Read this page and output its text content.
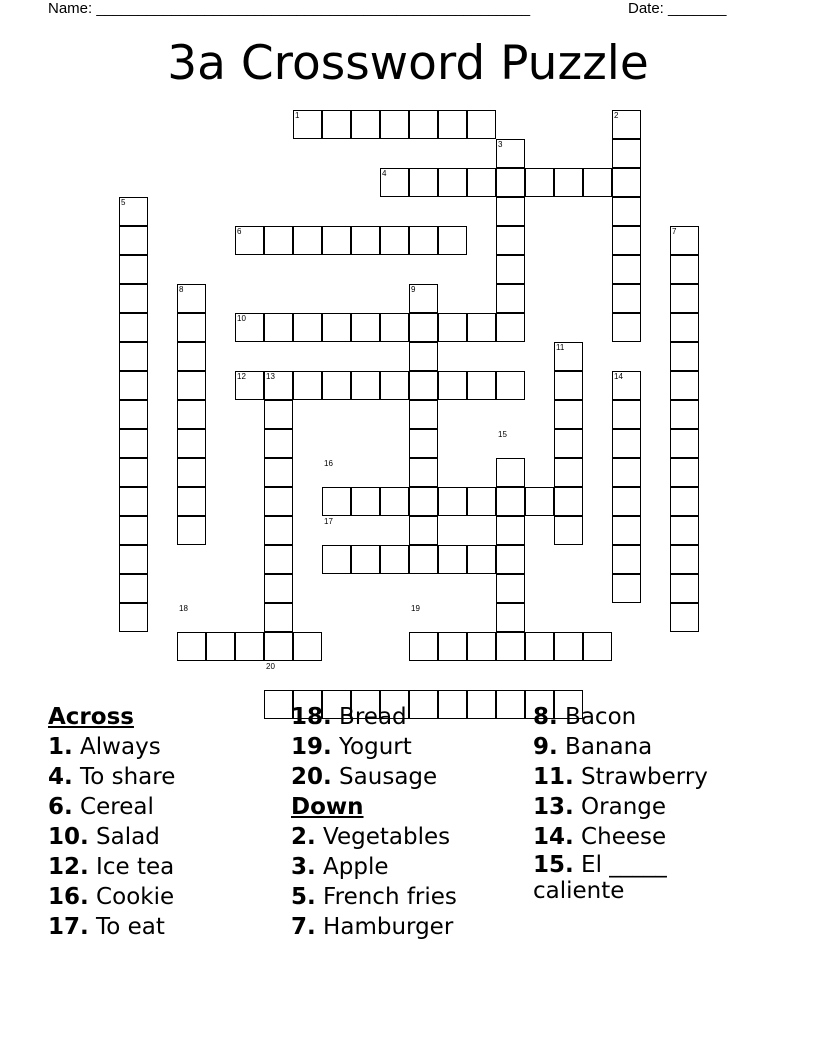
Name: ____________________________________________________

	Date: _______

3a Crossword Puzzle
1	2
3
4
5
6	7
8	9
10
11
12	13	14
15
16
17
18	19
20
Across
1. Always
4. To share
6. Cereal
10. Salad
12. Ice tea
16. Cookie
17. To eat
18. Bread
19. Yogurt
20. Sausage
Down
2. Vegetables
3. Apple
5. French fries
7. Hamburger
8. Bacon
9. Banana
11. Strawberry
13. Orange
14. Cheese
15. El _____ caliente
